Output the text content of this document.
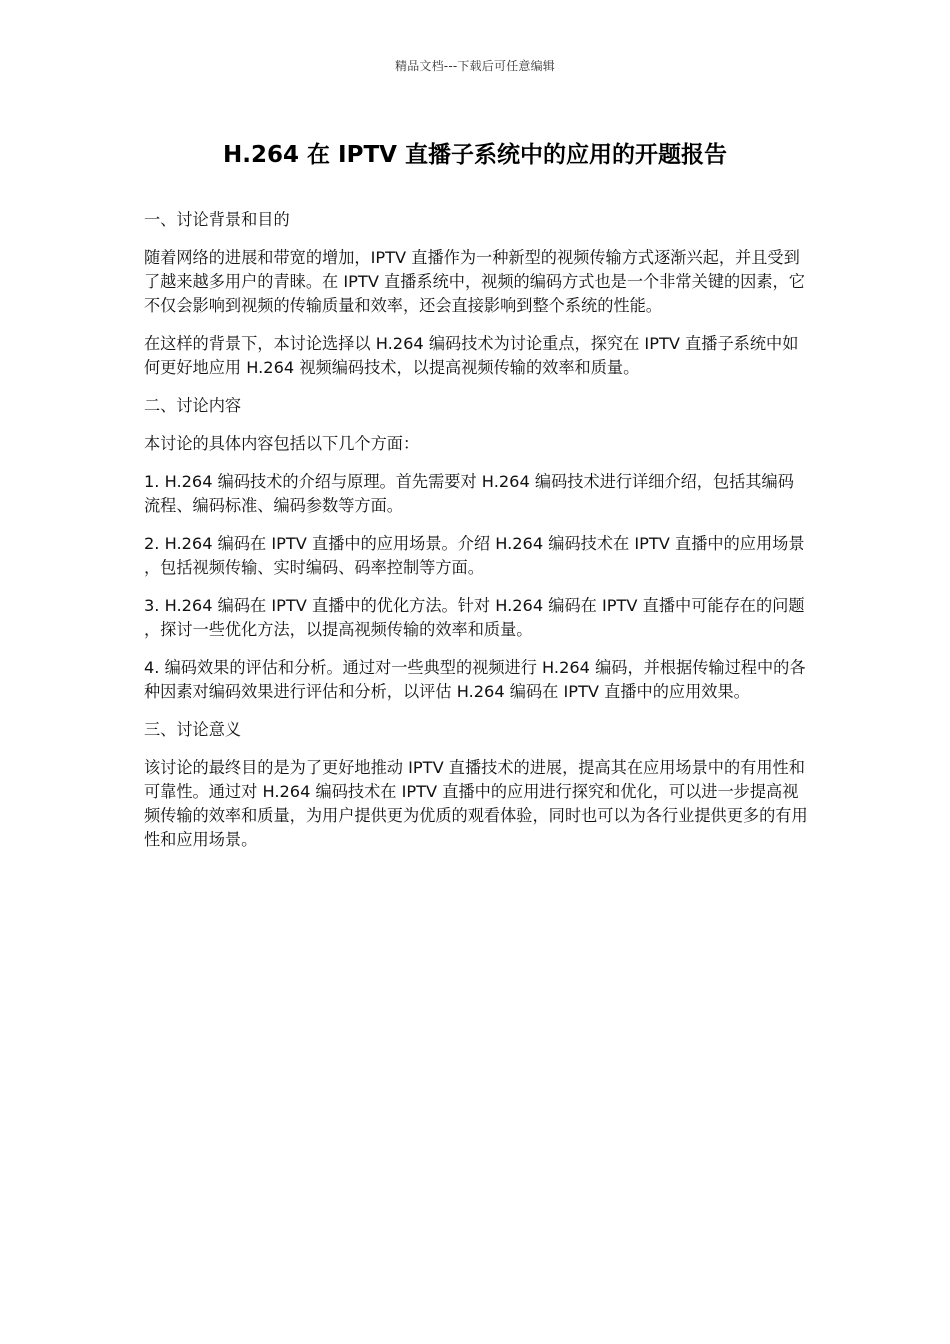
精品文档---下载后可任意编辑
H.264 在 IPTV 直播子系统中的应用的开题报告

一、讨论背景和目的

随着网络的进展和带宽的增加，IPTV 直播作为一种新型的视频传输方式逐渐兴起，并且受到了越来越多用户的青睐。在 IPTV 直播系统中，视频的编码方式也是一个非常关键的因素，它不仅会影响到视频的传输质量和效率，还会直接影响到整个系统的性能。

在这样的背景下，本讨论选择以 H.264 编码技术为讨论重点，探究在 IPTV 直播子系统中如何更好地应用 H.264 视频编码技术，以提高视频传输的效率和质量。

二、讨论内容

本讨论的具体内容包括以下几个方面：

1. H.264 编码技术的介绍与原理。首先需要对 H.264 编码技术进行详细介绍，包括其编码流程、编码标准、编码参数等方面。

2. H.264 编码在 IPTV 直播中的应用场景。介绍 H.264 编码技术在 IPTV 直播中的应用场景，包括视频传输、实时编码、码率控制等方面。

3. H.264 编码在 IPTV 直播中的优化方法。针对 H.264 编码在 IPTV 直播中可能存在的问题，探讨一些优化方法，以提高视频传输的效率和质量。

4. 编码效果的评估和分析。通过对一些典型的视频进行 H.264 编码，并根据传输过程中的各种因素对编码效果进行评估和分析，以评估 H.264 编码在 IPTV 直播中的应用效果。

三、讨论意义

该讨论的最终目的是为了更好地推动 IPTV 直播技术的进展，提高其在应用场景中的有用性和可靠性。通过对 H.264 编码技术在 IPTV 直播中的应用进行探究和优化，可以进一步提高视频传输的效率和质量，为用户提供更为优质的观看体验，同时也可以为各行业提供更多的有用性和应用场景。
